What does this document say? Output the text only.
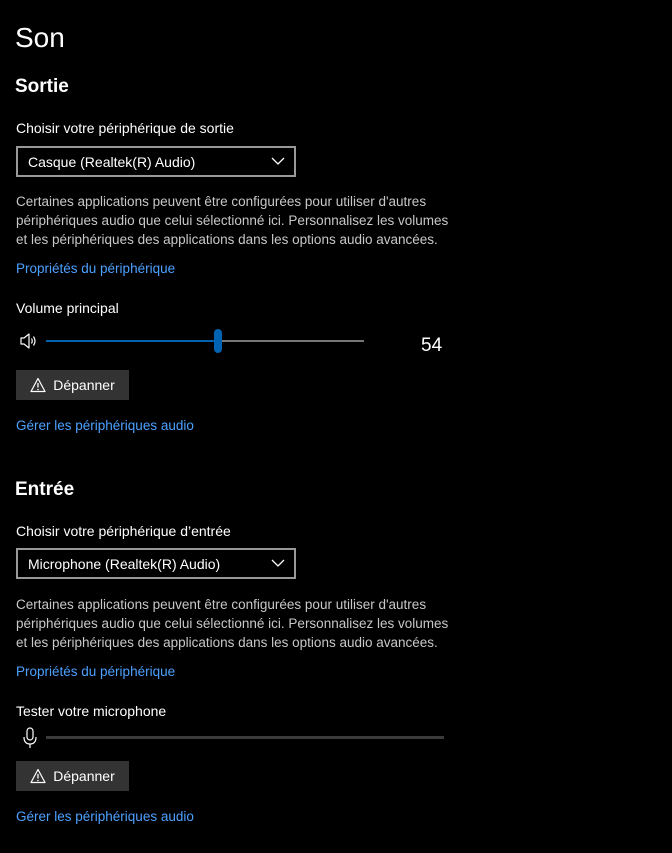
Son
Sortie
Choisir votre périphérique de sortie
Casque (Realtek(R) Audio)
Certaines applications peuvent être configurées pour utiliser d'autres
périphériques audio que celui sélectionné ici. Personnalisez les volumes
et les périphériques des applications dans les options audio avancées.
Propriétés du périphérique
Volume principal
54
Dépanner
Gérer les périphériques audio
Entrée
Choisir votre périphérique d’entrée
Microphone (Realtek(R) Audio)
Certaines applications peuvent être configurées pour utiliser d'autres
périphériques audio que celui sélectionné ici. Personnalisez les volumes
et les périphériques des applications dans les options audio avancées.
Propriétés du périphérique
Tester votre microphone
Dépanner
Gérer les périphériques audio
